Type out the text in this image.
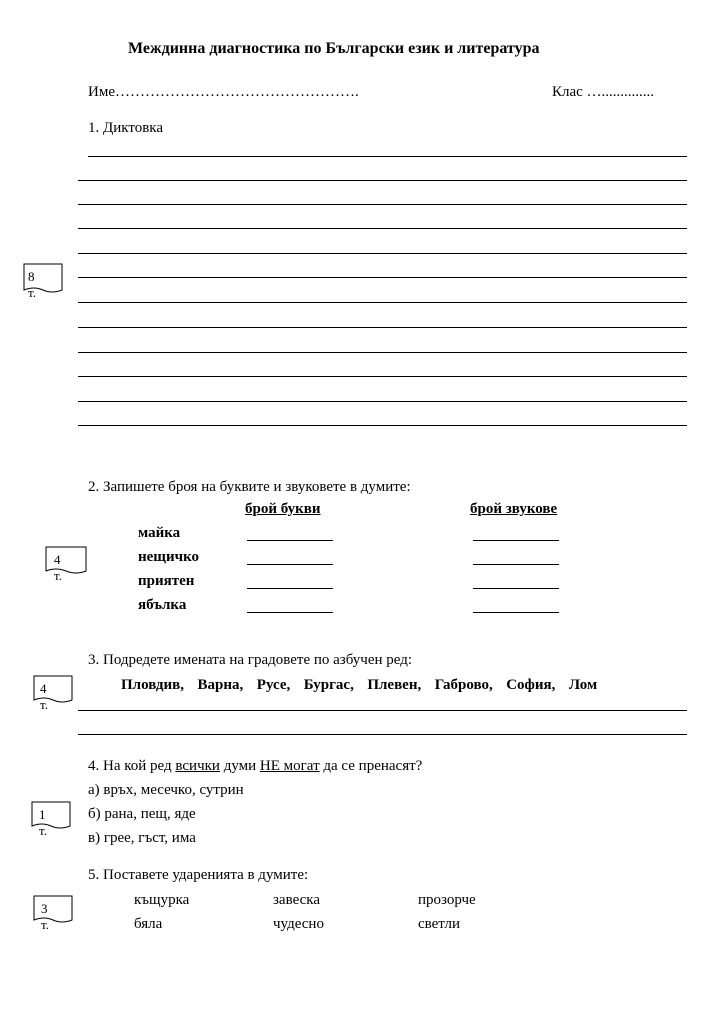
Междинна диагностика по Български език и литература
Име………………………………………….	Клас …..............
1. Диктовка
8 т.
2. Запишете броя на буквите и звуковете в думите:
брой букви	брой звукове
майка
нещичко
приятен
ябълка
4 т.
3. Подредете имената на градовете по азбучен ред:
Пловдив, Варна, Русе, Бургас, Плевен, Габрово, София, Лом
4 т.
4. На кой ред всички думи НЕ могат да се пренасят?
а) връх, месечко, сутрин
б) рана, пещ, яде
в) грее, гъст, има
1 т.
5. Поставете ударенията в думите:
къщурка	завеска	прозорче
бяла	чудесно	светли
3 т.
